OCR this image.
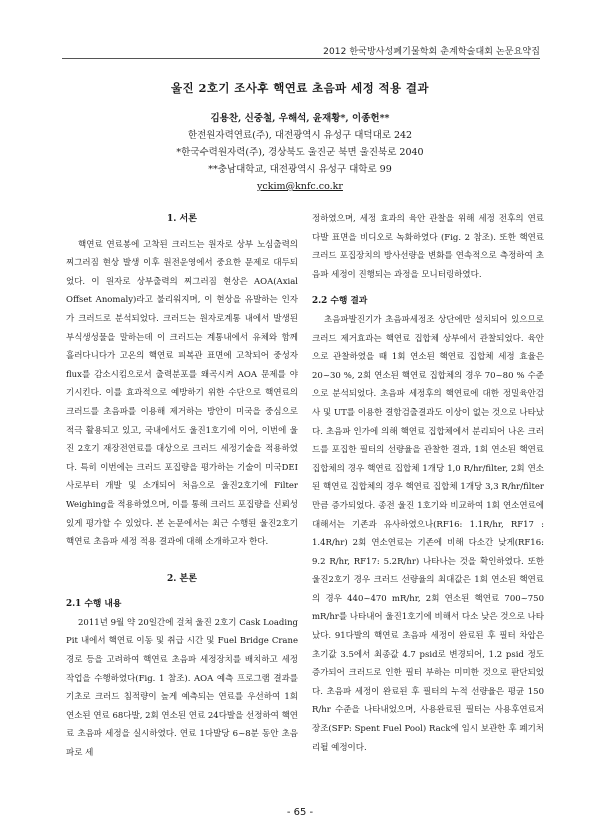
2012 한국방사성폐기물학회 춘계학술대회 논문요약집
울진 2호기 조사후 핵연료 초음파 세정 적용 결과
김용찬, 신중철, 우해석, 윤재황*, 이종헌**
한전원자력연료(주), 대전광역시 유성구 대덕대로 242
*한국수력원자력(주), 경상북도 울진군 북면 울진북로 2040
**충남대학교, 대전광역시 유성구 대학로 99
yckim@knfc.co.kr
1. 서론

핵연료 연료봉에 고착된 크러드는 원자로 상부 노심출력의 찌그러짐 현상 발생 이후 원전운영에서 중요한 문제로 대두되었다. 이 원자로 상부출력의 찌그러짐 현상은 AOA(Axial Offset Anomaly)라고 불리워지며, 이 현상을 유발하는 인자가 크러드로 분석되었다. 크러드는 원자로계통 내에서 발생된 부식생성물을 말하는데 이 크러드는 계통내에서 유체와 함께 흘러다니다가 고온의 핵연료 피복관 표면에 고착되어 중성자 flux를 감소시킴으로서 출력분포를 왜곡시켜 AOA 문제를 야기시킨다. 이를 효과적으로 예방하기 위한 수단으로 핵연료의 크러드를 초음파를 이용해 제거하는 방안이 미국을 중심으로 적극 활용되고 있고, 국내에서도 울진1호기에 이어, 이번에 울진 2호기 재장전연료를 대상으로 크러드 세정기술을 적용하였다. 특히 이번에는 크러드 포집량을 평가하는 기술이 미국DEI사로부터 개발 및 소개되어 처음으로 울진2호기에 Filter Weighing을 적용하였으며, 이를 통해 크러드 포집량을 신뢰성있게 평가할 수 있었다. 본 논문에서는 최근 수행된 울진2호기 핵연료 초음파 세정 적용 결과에 대해 소개하고자 한다.

2. 본론
2.1 수행 내용

2011년 9월 약 20일간에 걸쳐 울진 2호기 Cask Loading Pit 내에서 핵연료 이동 및 취급 시간 및 Fuel Bridge Crane 경로 등을 고려하여 핵연료 초음파 세정장치를 배치하고 세정작업을 수행하였다(Fig. 1 참조). AOA 예측 프로그램 결과를 기초로 크러드 침적량이 높게 예측되는 연료를 우선하여 1회 연소된 연료 68다발, 2회 연소된 연료 24다발을 선정하여 핵연료 초음파 세정을 실시하였다. 연료 1다발당 6~8분 동안 초음파로 세

정하였으며, 세정 효과의 육안 관찰을 위해 세정 전후의 연료 다발 표면을 비디오로 녹화하였다 (Fig. 2 참조). 또한 핵연료 크러드 포집장치의 방사선량을 변화를 연속적으로 측정하여 초음파 세정이 진행되는 과정을 모니터링하였다.

2.2 수행 결과

초음파발진기가 초음파세정조 상단에만 설치되어 있으므로 크러드 제거효과는 핵연료 집합체 상부에서 관찰되었다. 육안으로 관찰하였을 때 1회 연소된 핵연료 집합체 세정 효율은 20~30 %, 2회 연소된 핵연료 집합체의 경우 70~80 % 수준으로 분석되었다. 초음파 세정후의 핵연료에 대한 정밀육안검사 및 UT를 이용한 결함검출결과도 이상이 없는 것으로 나타났다. 초음파 인가에 의해 핵연료 집합체에서 분리되어 나온 크러드를 포집한 필터의 선량율을 관찰한 결과, 1회 연소된 핵연료 집합체의 경우 핵연료 집합체 1개당 1,0 R/hr/filter, 2회 연소된 핵연료 집합체의 경우 핵연료 집합체 1개당 3,3 R/hr/filter 만큼 증가되었다. 종전 울진 1호기와 비교하여 1회 연소연료에 대해서는 기존과 유사하였으나(RF16: 1.1R/hr, RF17 : 1.4R/hr) 2회 연소연료는 기존에 비해 다소간 낮게(RF16: 9.2 R/hr, RF17: 5.2R/hr) 나타나는 것을 확인하였다. 또한 울진2호기 경우 크러드 선량율의 최대값은 1회 연소된 핵연료의 경우 440~470 mR/hr, 2회 연소된 핵연료 700~750 mR/hr를 나타내어 울진1호기에 비해서 다소 낮은 것으로 나타났다. 91다발의 핵연료 초음파 세정이 완료된 후 필터 차압은 초기값 3.5에서 최종값 4.7 psid로 변경되어, 1.2 psid 정도 증가되어 크러드로 인한 필터 부하는 미미한 것으로 판단되었다. 초음파 세정이 완료된 후 필터의 누적 선량율은 평균 150 R/hr 수준을 나타내었으며, 사용완료된 필터는 사용후연료저장조(SFP: Spent Fuel Pool) Rack에 임시 보관한 후 폐기처리될 예정이다.

- 65 -
